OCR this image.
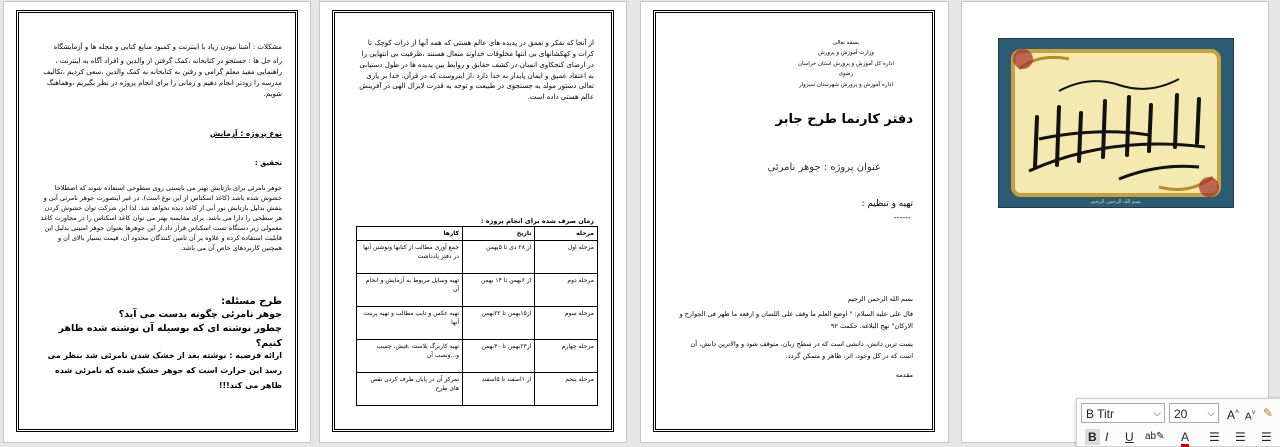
مشکلات : آشنا نبودن زیاد با اینترنت و کمبود منابع کتابی و مجله ها و آزمایشگاه
راه حل ها : جستجو در کتابخانه ،کمک گرفتن از والدین و افراد آگاه به اینترنت ، راهنمایی مفید معلم گرامی و رفتن به کتابخانه به کمک والدین ،سعی کردیم ،تکالیف مدرسه را زودتر انجام دهیم و زمانی را برای انجام پروژه در نظر بگیریم ،وهماهنگ شویم.
نوع پروژه : آزمایش
تحقیق :
جوهر نامرئی برای بازتابش بهتر می بایستی روی سطوحی استفاده شوند که اصطلاحا خشوش شده باشد (کاغذ اسکناس از این نوع است). در غیر اینصورت جوهر نامرئی آبی و بنفش بدلیل بازتابش نور آبی از کاغذ دیده نخواهد شد. لذا این شرکت توان خشوش کردن هر سطحی را دارا می باشد. برای مقایسه بهتر می توان کاغذ اسکناس را در مجاورت کاغذ معمولی زیر دستگاه تست اسکناس قرار داد.از این جوهرها بعنوان جوهر امنیتی بدلیل این قابلیت استفاده کرده و علاوه بر آن تامین کنندگان محدود آن، قیمت بسیار بالای آن و همچنین کاربردهای خاص آن می باشد.
طرح مسئله:
جوهر نامرئی چگونه بدست می آید؟
چطور نوشته ای که بوسیله آن نوشته شده ظاهر کنیم؟
ارائه فرضیه : نوشته بعد از خشک شدن نامرئی شد بنظر می رسد این حرارت است که جوهر خشک شده که نامرئی شده ظاهر می کند!!!
از آنجا که تفکر و تعمق در پدیده های عالم هستی که همه آنها از ذرات کوچک تا کرات و کهکشانهای بی انتها مخلوقات خداوند متعال هستند ،ظرفیت بی انتهایی را در ارضای کنجکاوی انسان در کشف حقایق و روابط بین پدیده ها در طول دستیابی به اعتقاد عمیق و ایمان پایدار به خدا دارد ،از اینروست که در قرآن، خدا بر یاری تعالی دستور مولد به جستجوی در طبیعت و توجه به قدرت لایزال الهی در آفرینش عالم هستی داده است.
زمان صرف شده برای انجام پروژه :
مرحله	تاریخ	کارها
مرحله اول	از ۲۸ دی تا ۵بهمن	جمع آوری مطالب از کتابها ونوشتن آنها در دفتر یادداشت
مرحله دوم	از ۶بهمن تا ۱۴ بهمن	تهیه وسایل مربوط به آزمایش و انجام آن
مرحله سوم	از۱۵بهمن تا ۲۲بهمن	تهیه عکس و تایپ مطالب و تهیه پرینت آنها
مرحله چهارم	از۲۳بهمن تا ۳۰بهمن	تهیه کاربرگ پلاست ،فیش، چسب و...ونصب آن
مرحله پنجم	از ۱اسفند تا ۵اسفند	تمرکز آن در پایان طرف کردن نقص های طرح
بسمه تعالی
وزارت آموزش و پرورش
اداره کل آموزش و پرورش استان خراسان رضوی
اداره آموزش و پرورش شهرستان سبزوار
دفتر کارنما طرح جابر
عنوان پروژه : جوهر نامرئی
تهیه و تنظیم :
------
بسم الله الرحمن الرحیم
قال علی علیه السلام: " اوضع العلم ما وقف علی اللسان و ارفعه ما ظهر فی الجوارح و الارکان" نهج البلاغه، حکمت ۹۲
پست ترین دانش، دانشی است که در سطح زبان، متوقف شود و والاترین دانش، آن است که در کل وجود، اثر، ظاهر و متمکن گردد.
مقدمه
بسم الله الرحمن الرحیم
B Titr	⌵	20 ⌵ A˄ A˅ ✎
B I U ab✎ A ☰ ☰ ☰
